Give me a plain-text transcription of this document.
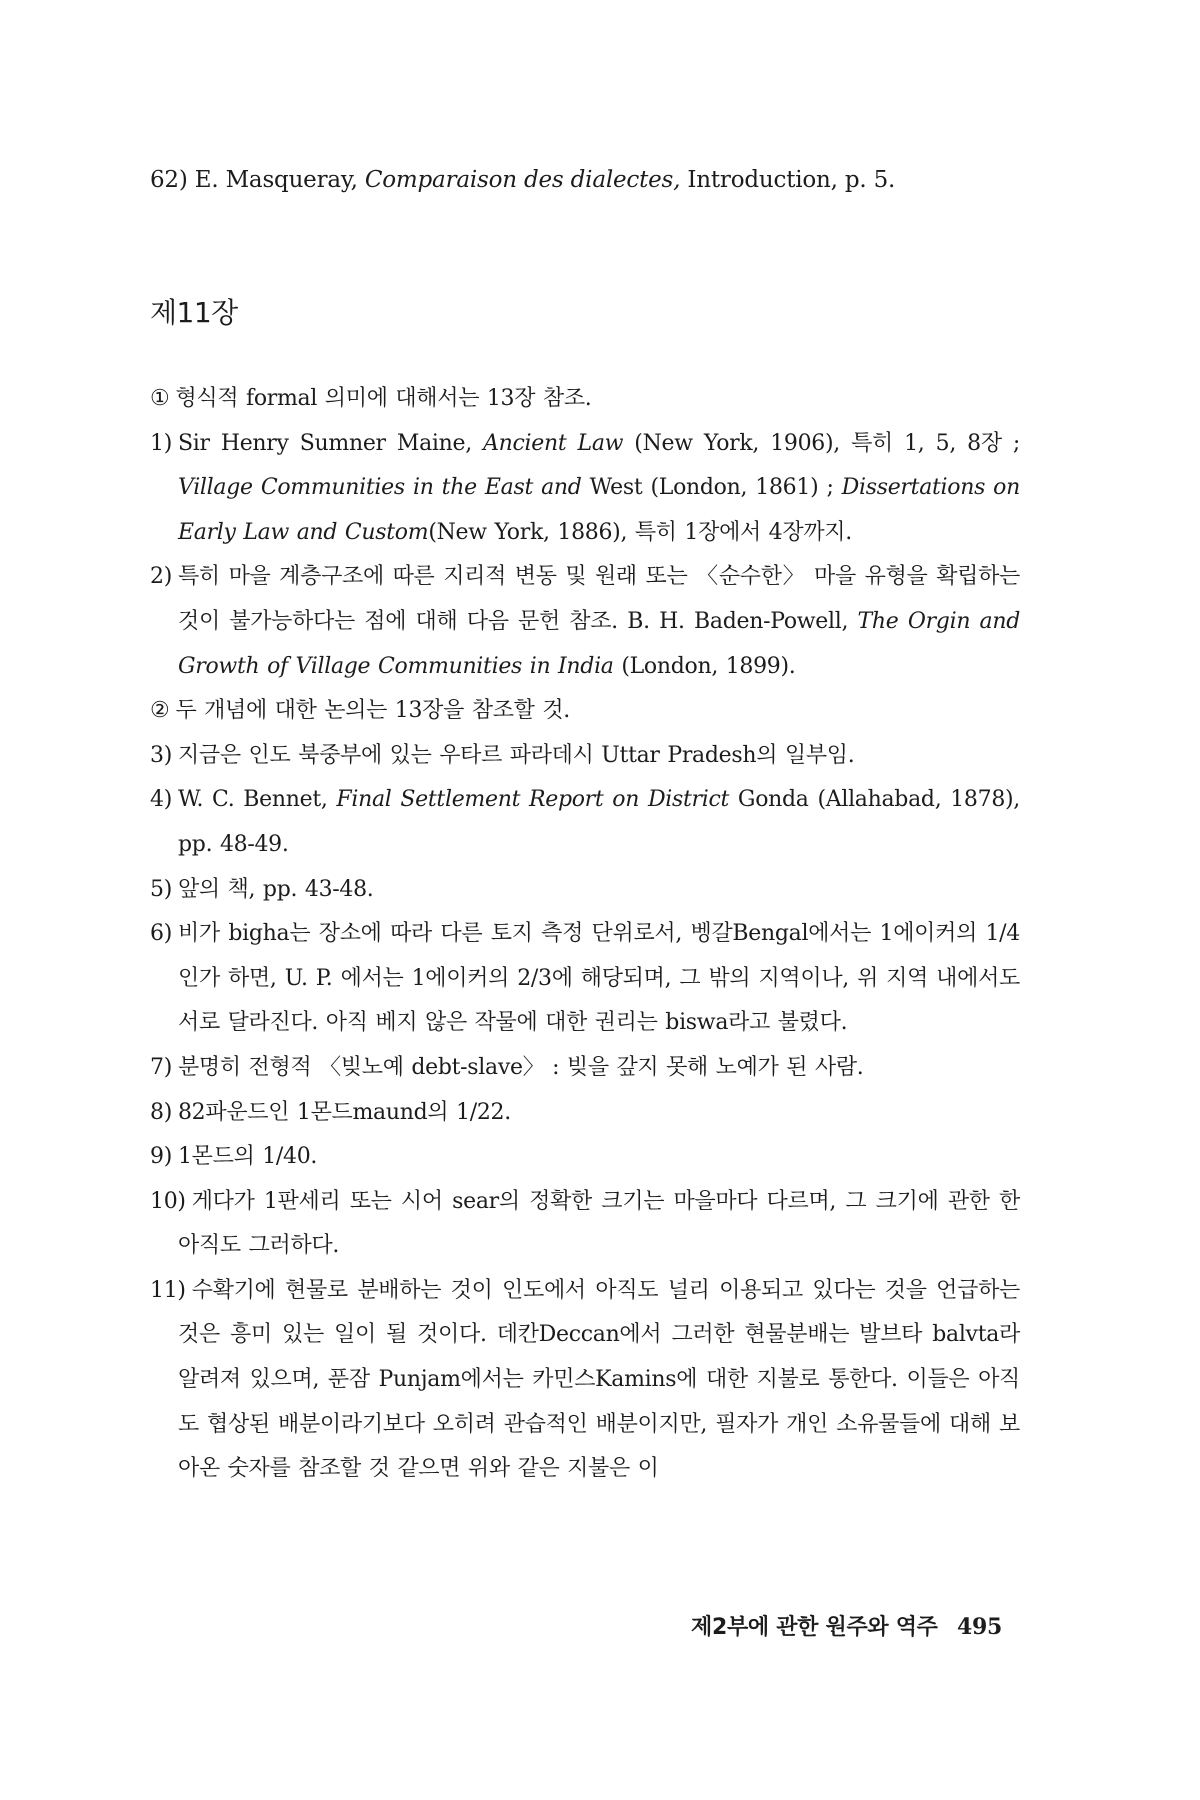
62) E. Masqueray, Comparaison des dialectes, Introduction, p. 5.
제11장
① 형식적 formal 의미에 대해서는 13장 참조.
1) Sir Henry Sumner Maine, Ancient Law (New York, 1906), 특히 1, 5, 8장 ; Village Communities in the East and West (London, 1861) ; Dissertations on Early Law and Custom(New York, 1886), 특히 1장에서 4장까지.
2) 특히 마을 계층구조에 따른 지리적 변동 및 원래 또는 〈순수한〉 마을 유형을 확립하는 것이 불가능하다는 점에 대해 다음 문헌 참조. B. H. Baden-Powell, The Orgin and Growth of Village Communities in India (London, 1899).
② 두 개념에 대한 논의는 13장을 참조할 것.
3) 지금은 인도 북중부에 있는 우타르 파라데시 Uttar Pradesh의 일부임.
4) W. C. Bennet, Final Settlement Report on District Gonda (Allahabad, 1878), pp. 48-49.
5) 앞의 책, pp. 43-48.
6) 비가 bigha는 장소에 따라 다른 토지 측정 단위로서, 벵갈Bengal에서는 1에이커의 1/4인가 하면, U. P. 에서는 1에이커의 2/3에 해당되며, 그 밖의 지역이나, 위 지역 내에서도 서로 달라진다. 아직 베지 않은 작물에 대한 권리는 biswa라고 불렸다.
7) 분명히 전형적 〈빚노예 debt-slave〉 : 빚을 갚지 못해 노예가 된 사람.
8) 82파운드인 1몬드maund의 1/22.
9) 1몬드의 1/40.
10) 게다가 1판세리 또는 시어 sear의 정확한 크기는 마을마다 다르며, 그 크기에 관한 한 아직도 그러하다.
11) 수확기에 현물로 분배하는 것이 인도에서 아직도 널리 이용되고 있다는 것을 언급하는 것은 흥미 있는 일이 될 것이다. 데칸Deccan에서 그러한 현물분배는 발브타 balvta라 알려져 있으며, 푼잠 Punjam에서는 카민스Kamins에 대한 지불로 통한다. 이들은 아직도 협상된 배분이라기보다 오히려 관습적인 배분이지만, 필자가 개인 소유물들에 대해 보아온 숫자를 참조할 것 같으면 위와 같은 지불은 이
제2부에 관한 원주와 역주 495
